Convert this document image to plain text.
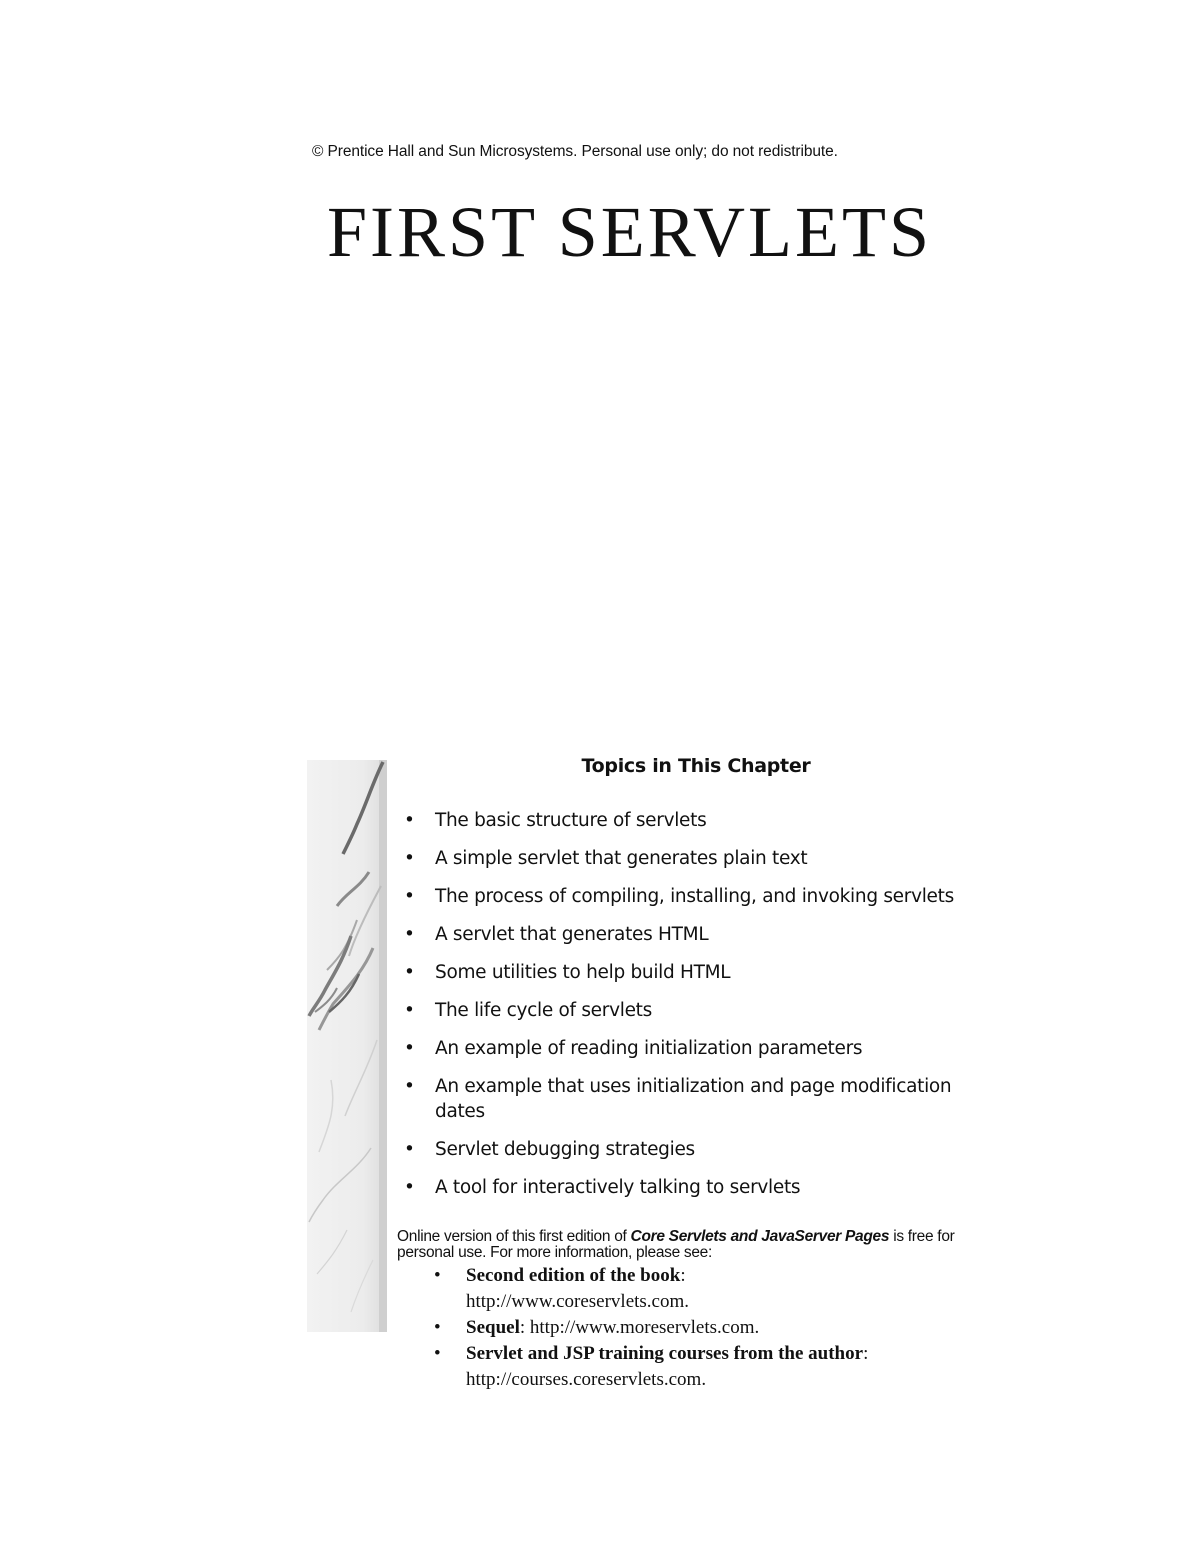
© Prentice Hall and Sun Microsystems. Personal use only; do not redistribute.
FIRST SERVLETS
Topics in This Chapter
• The basic structure of servlets
• A simple servlet that generates plain text
• The process of compiling, installing, and invoking servlets
• A servlet that generates HTML
• Some utilities to help build HTML
• The life cycle of servlets
• An example of reading initialization parameters
• An example that uses initialization and page modification dates
• Servlet debugging strategies
• A tool for interactively talking to servlets
Online version of this first edition of Core Servlets and JavaServer Pages is free for personal use. For more information, please see:
• Second edition of the book:
http://www.coreservlets.com.
• Sequel: http://www.moreservlets.com.
• Servlet and JSP training courses from the author:
http://courses.coreservlets.com.
